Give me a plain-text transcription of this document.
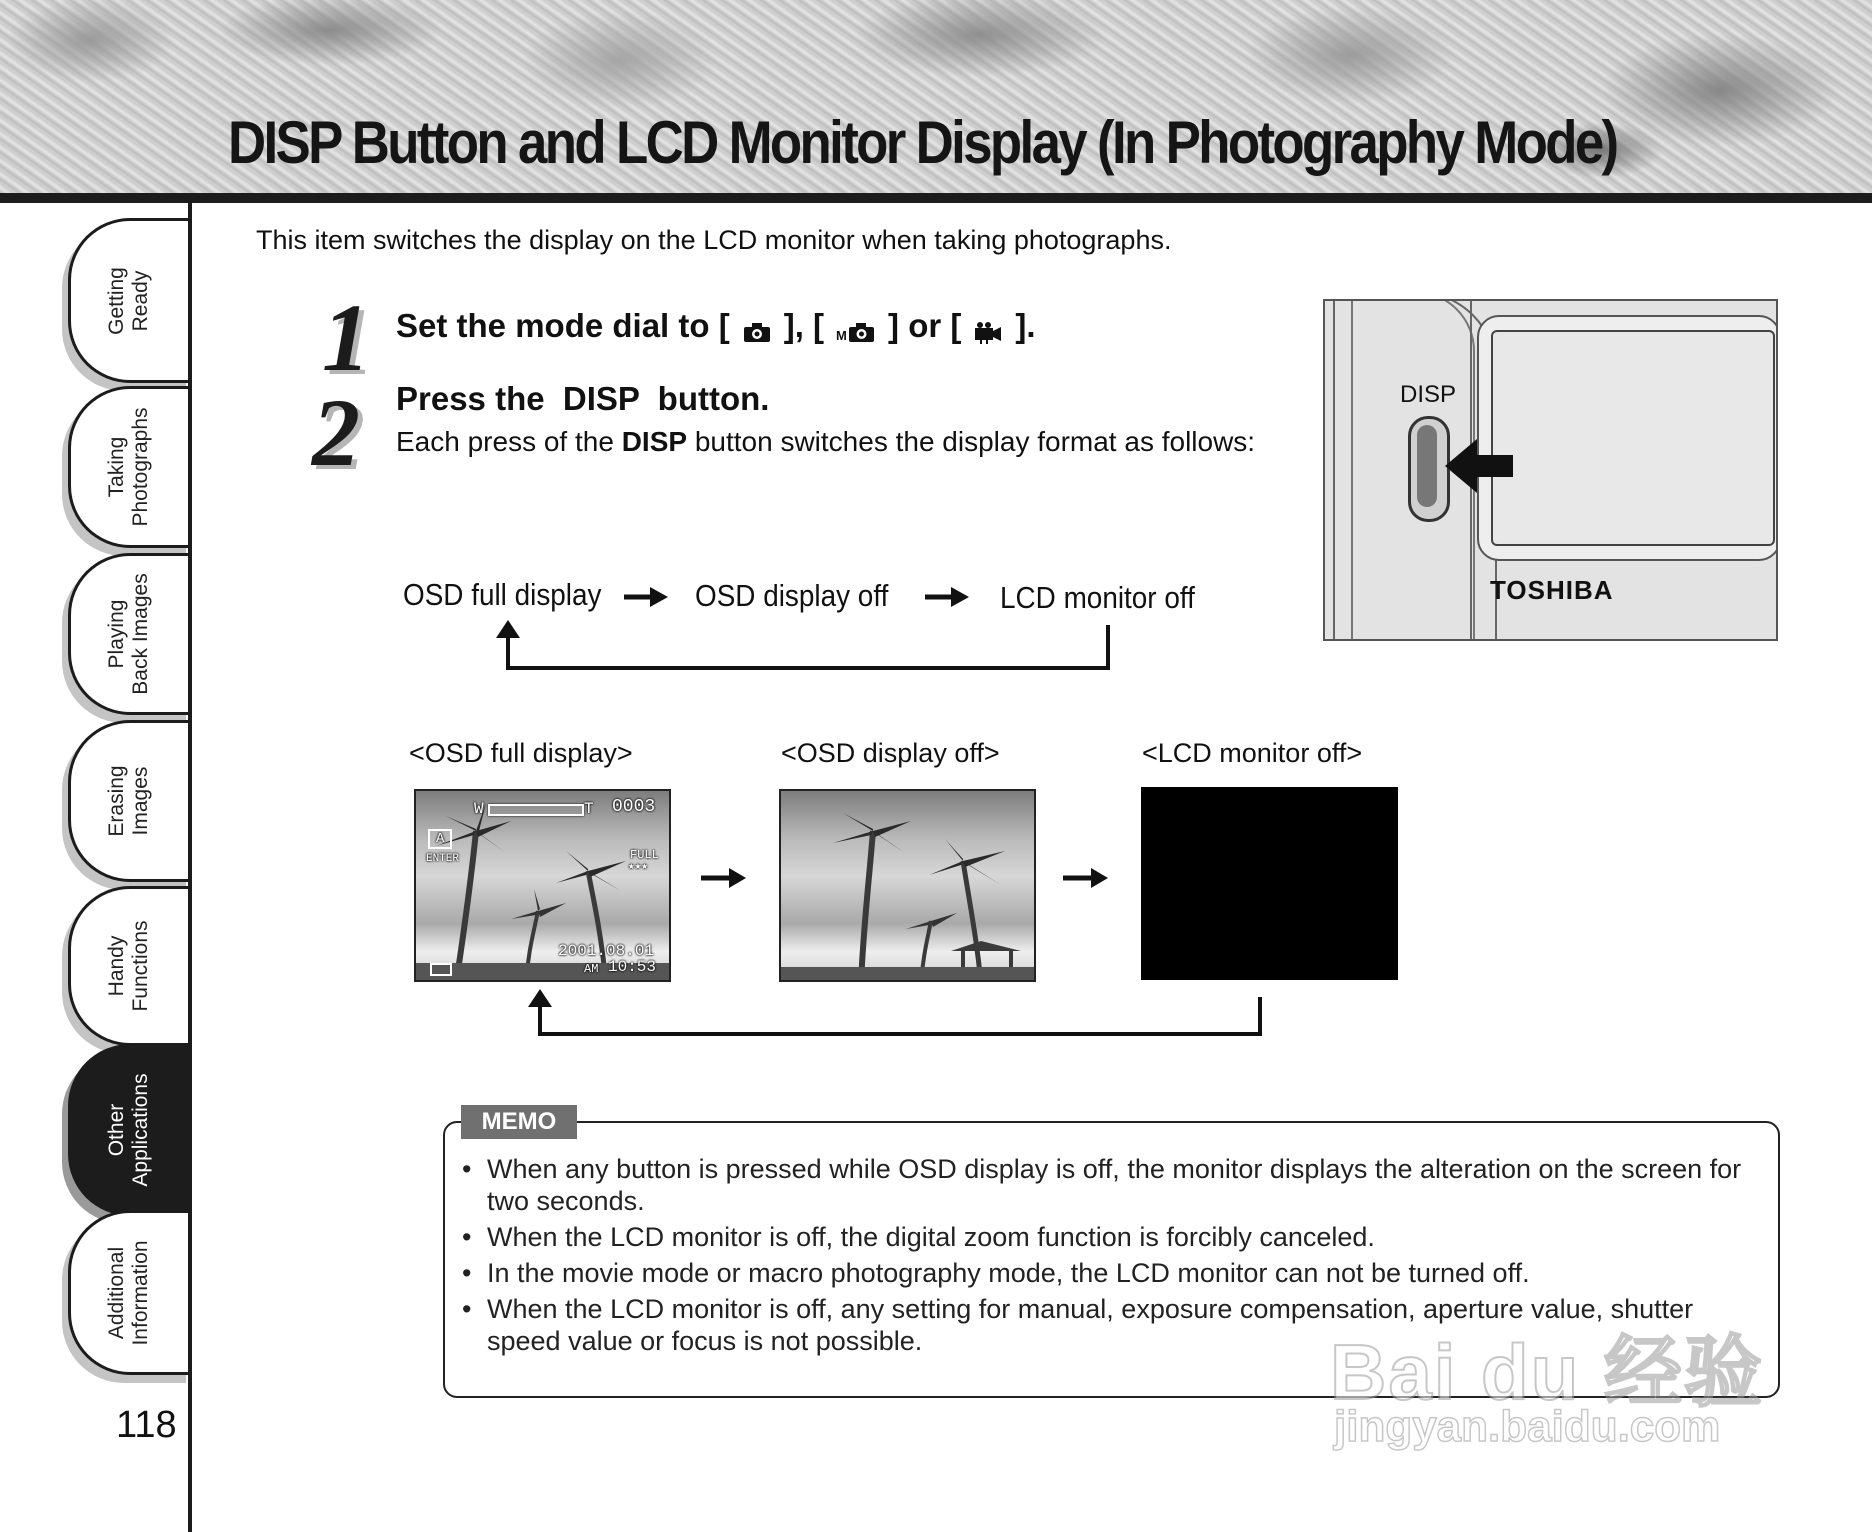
DISP Button and LCD Monitor Display (In Photography Mode)
Getting Ready
Taking Photographs
Playing Back Images
Erasing Images
Handy Functions
Other Applications
Additional Information
118
This item switches the display on the LCD monitor when taking photographs.
1 Set the mode dial to [ ], [ M ] or [ ].
2 Press the  DISP  button.
Each press of the DISP button switches the display format as follows:
DISP
TOSHIBA
OSD full display	OSD display off	LCD monitor off
<OSD full display>	<OSD display off>	<LCD monitor off>
W	T 0003
A
ENTER	FULL
★★★
2001.08.01
AM 10:53
MEMO
• When any button is pressed while OSD display is off, the monitor displays the alteration on the screen for two seconds.
• When the LCD monitor is off, the digital zoom function is forcibly canceled.
• In the movie mode or macro photography mode, the LCD monitor can not be turned off.
• When the LCD monitor is off, any setting for manual, exposure compensation, aperture value, shutter speed value or focus is not possible.	Bai du 经验
jingyan.baidu.com
